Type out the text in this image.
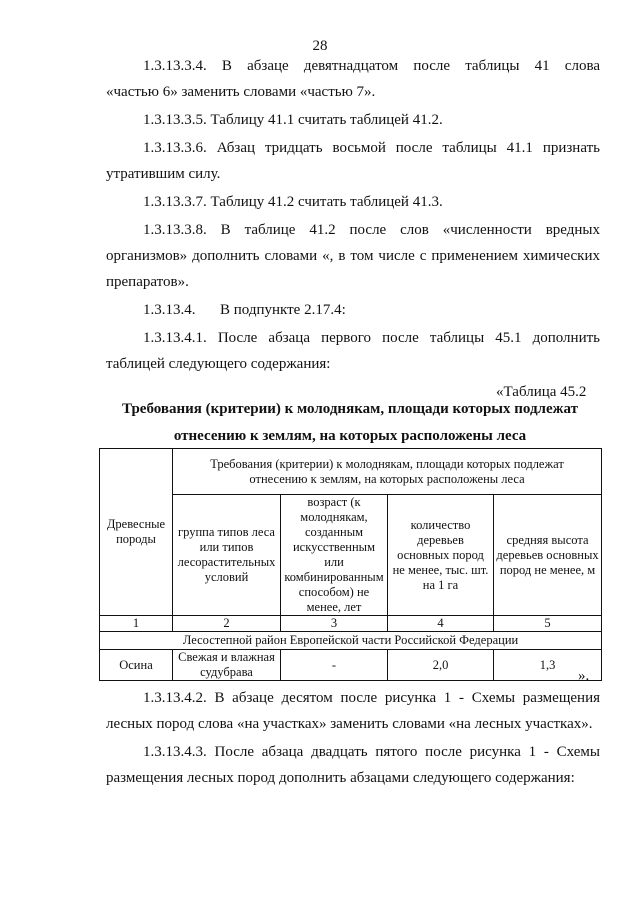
28
1.3.13.3.4. В абзаце девятнадцатом после таблицы 41 слова
«частью 6» заменить словами «частью 7».
1.3.13.3.5. Таблицу 41.1 считать таблицей 41.2.
1.3.13.3.6. Абзац тридцать восьмой после таблицы 41.1 признать
утратившим силу.
1.3.13.3.7. Таблицу 41.2 считать таблицей 41.3.
1.3.13.3.8. В таблице 41.2 после слов «численности вредных
организмов» дополнить словами «, в том числе с применением химических
препаратов».
1.3.13.4. В подпункте 2.17.4:
1.3.13.4.1. После абзаца первого после таблицы 45.1 дополнить
таблицей следующего содержания:
«Таблица 45.2
Требования (критерии) к молоднякам, площади которых подлежат
отнесению к землям, на которых расположены леса
Древесные породы	Требования (критерии) к молоднякам, площади которых подлежат отнесению к землям, на которых расположены леса			
	группа типов леса или типов лесорастительных условий	возраст (к молоднякам, созданным искусственным или комбинированным способом) не менее, лет	количество деревьев основных пород не менее, тыс. шт. на 1 га	средняя высота деревьев основных пород не менее, м
1	2	3	4	5
Лесостепной район Европейской части Российской Федерации				
Осина	Свежая и влажная судубрава	-	2,0	1,3
».
1.3.13.4.2. В абзаце десятом после рисунка 1 - Схемы размещения
лесных пород слова «на участках» заменить словами «на лесных участках».
1.3.13.4.3. После абзаца двадцать пятого после рисунка 1 - Схемы
размещения лесных пород дополнить абзацами следующего содержания:
